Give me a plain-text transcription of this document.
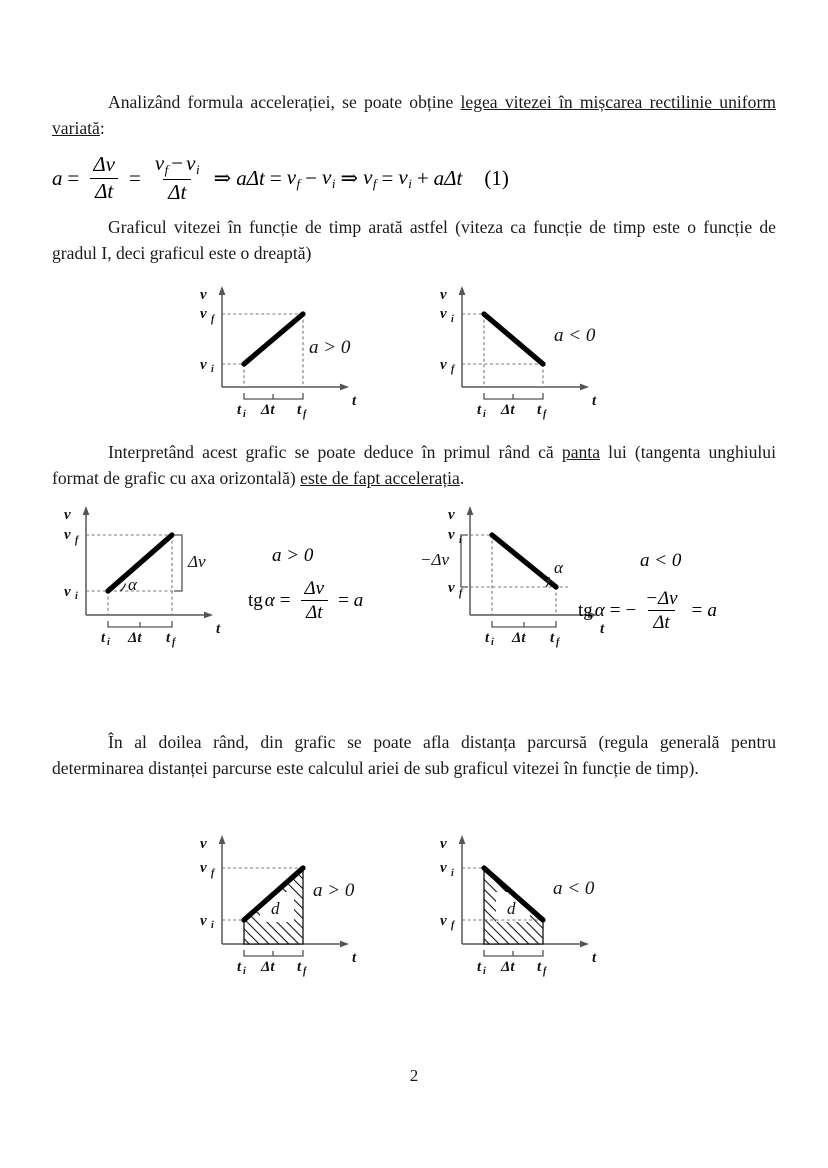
Analizând formula accelerației, se poate obține legea vitezei în mișcarea rectilinie uniform variată:
$a = \frac{\Delta v}{\Delta t} = \frac{v_f - v_i}{\Delta t}$ ⇒ $a\Delta t = v_f - v_i$ ⇒ $v_f = v_i + a\Delta t$ (1)
Graficul vitezei în funcție de timp arată astfel (viteza ca funcție de timp este o funcție de gradul I, deci graficul este o dreaptă)
v
t
v f
v i
t i Δt t f
a > 0
v
t
v i
v f
t i Δt t f
a < 0
Interpretând acest grafic se poate deduce în primul rând că panta lui (tangenta unghiului format de grafic cu axa orizontală) este de fapt accelerația.
v
t
α
Δv
v f
v i
t i Δt t f
a > 0
tg $\alpha = \frac{\Delta v}{\Delta t} = a$
v
t
α
−Δv
v i
v f
t i Δt t f
a < 0
tg α = − $\frac{-\Delta v}{\Delta t} = a$
În al doilea rând, din grafic se poate afla distanța parcursă (regula generală pentru determinarea distanței parcurse este calculul ariei de sub graficul vitezei în funcție de timp).
v
t
d
v f
v i
t i Δt t f
a > 0
v
t
d
v i
v f
t i Δt t f
a < 0
2
